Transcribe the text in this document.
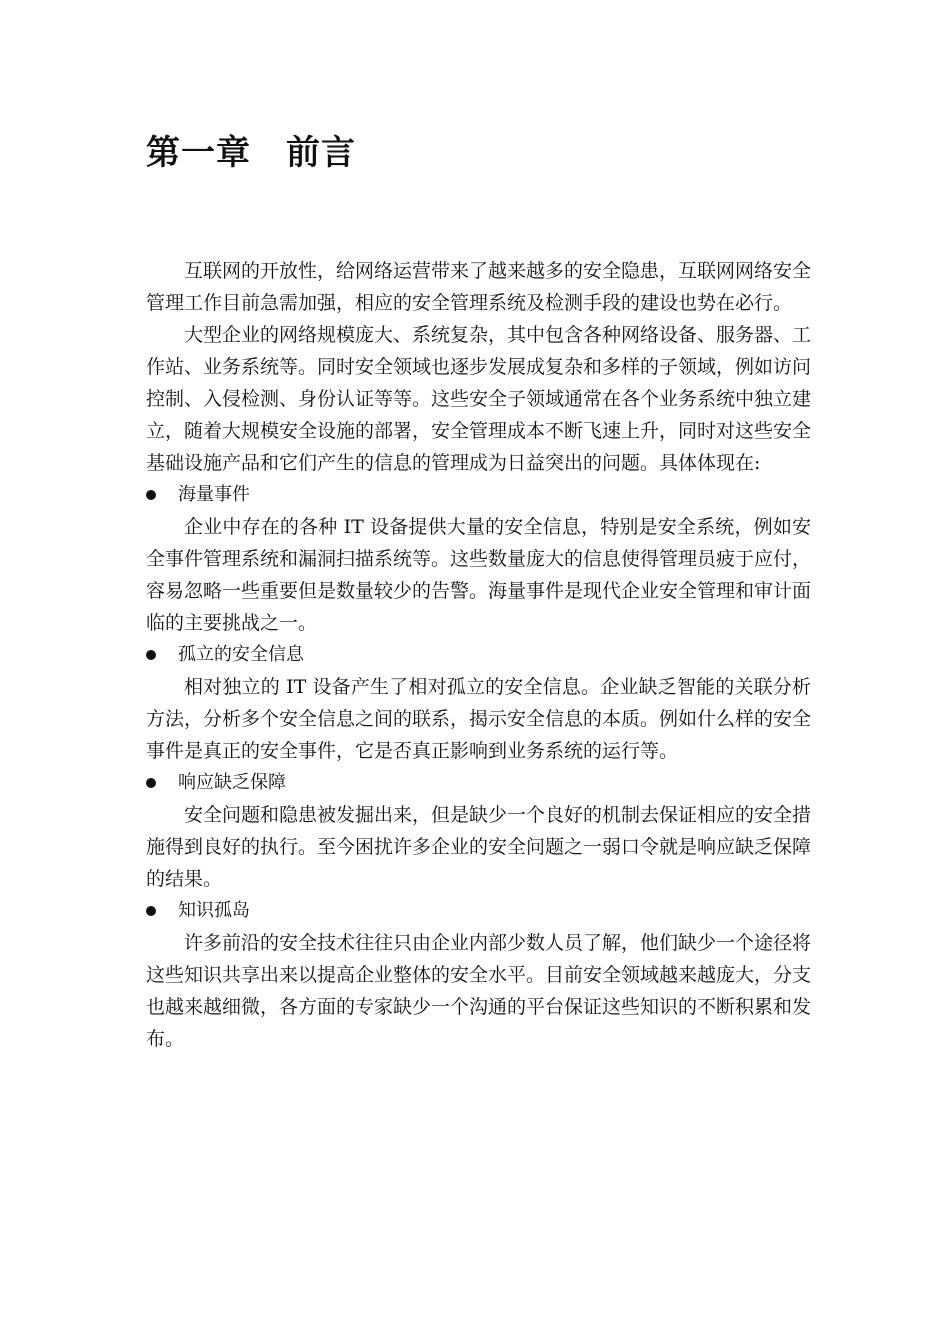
第一章　前言

互联网的开放性，给网络运营带来了越来越多的安全隐患，互联网网络安全管理工作目前急需加强，相应的安全管理系统及检测手段的建设也势在必行。

大型企业的网络规模庞大、系统复杂，其中包含各种网络设备、服务器、工作站、业务系统等。同时安全领域也逐步发展成复杂和多样的子领域，例如访问控制、入侵检测、身份认证等等。这些安全子领域通常在各个业务系统中独立建立，随着大规模安全设施的部署，安全管理成本不断飞速上升，同时对这些安全基础设施产品和它们产生的信息的管理成为日益突出的问题。具体体现在:

海量事件

企业中存在的各种 IT 设备提供大量的安全信息，特别是安全系统，例如安全事件管理系统和漏洞扫描系统等。这些数量庞大的信息使得管理员疲于应付，容易忽略一些重要但是数量较少的告警。海量事件是现代企业安全管理和审计面临的主要挑战之一。

孤立的安全信息

相对独立的 IT 设备产生了相对孤立的安全信息。企业缺乏智能的关联分析方法，分析多个安全信息之间的联系，揭示安全信息的本质。例如什么样的安全事件是真正的安全事件，它是否真正影响到业务系统的运行等。

响应缺乏保障

安全问题和隐患被发掘出来，但是缺少一个良好的机制去保证相应的安全措施得到良好的执行。至今困扰许多企业的安全问题之一弱口令就是响应缺乏保障的结果。

知识孤岛

许多前沿的安全技术往往只由企业内部少数人员了解，他们缺少一个途径将这些知识共享出来以提高企业整体的安全水平。目前安全领域越来越庞大，分支也越来越细微，各方面的专家缺少一个沟通的平台保证这些知识的不断积累和发布。
